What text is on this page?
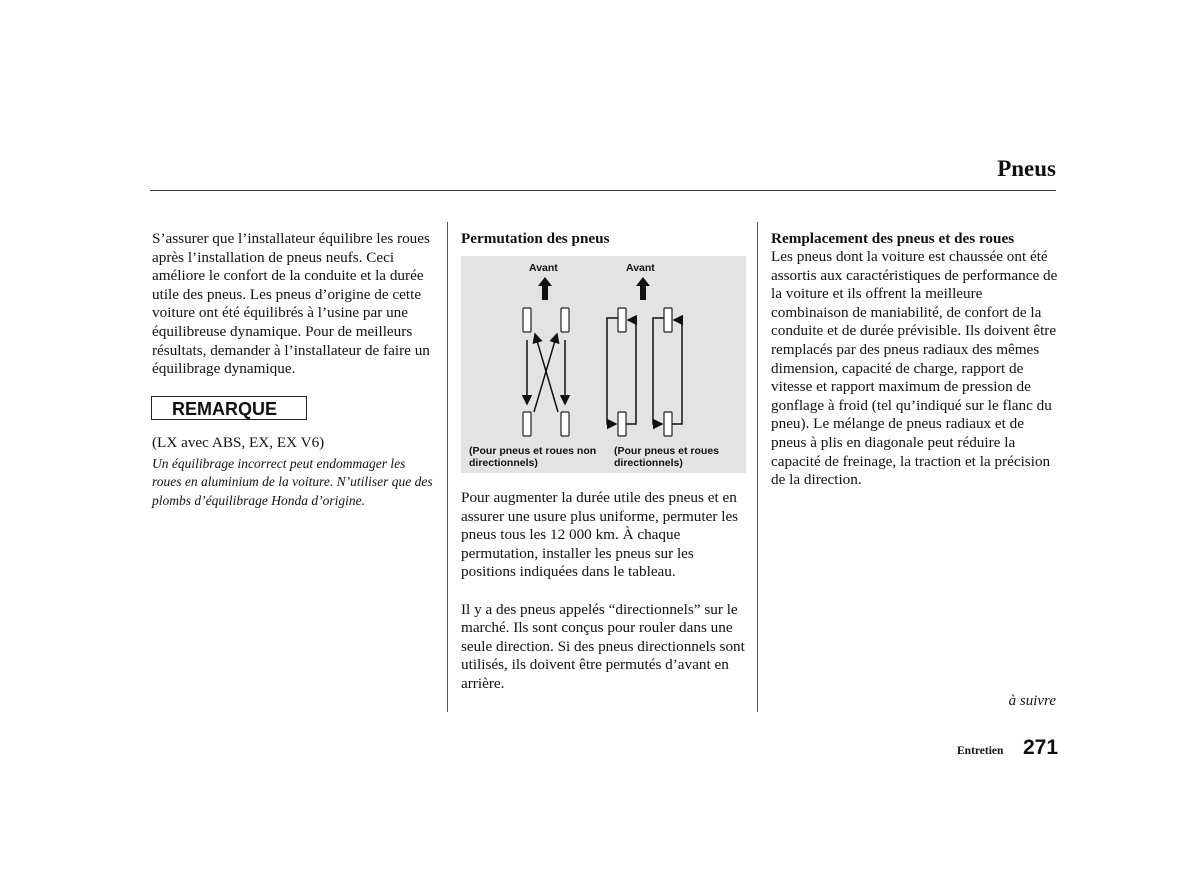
Pneus

S’assurer que l’installateur équilibre les roues après l’installation de pneus neufs. Ceci améliore le confort de la conduite et la durée utile des pneus. Les pneus d’origine de cette voiture ont été équilibrés à l’usine par une équilibreuse dynamique. Pour de meilleurs résultats, demander à l’installateur de faire un équilibrage dynamique.

REMARQUE
(LX avec ABS, EX, EX V6)
Un équilibrage incorrect peut endommager les roues en aluminium de la voiture. N’utiliser que des plombs d’équilibrage Honda d’origine.
Permutation des pneus
Avant	Avant
(Pour pneus et roues non directionnels)
(Pour pneus et roues directionnels)

Pour augmenter la durée utile des pneus et en assurer une usure plus uniforme, permuter les pneus tous les 12 000 km. À chaque permutation, installer les pneus sur les positions indiquées dans le tableau.

Il y a des pneus appelés “directionnels” sur le marché. Ils sont conçus pour rouler dans une seule direction. Si des pneus directionnels sont utilisés, ils doivent être permutés d’avant en arrière.

Remplacement des pneus et des roues

Les pneus dont la voiture est chaussée ont été assortis aux caractéristiques de performance de la voiture et ils offrent la meilleure combinaison de maniabilité, de confort de la conduite et de durée prévisible. Ils doivent être remplacés par des pneus radiaux des mêmes dimension, capacité de charge, rapport de vitesse et rapport maximum de pression de gonflage à froid (tel qu’indiqué sur le flanc du pneu). Le mélange de pneus radiaux et de pneus à plis en diagonale peut réduire la capacité de freinage, la traction et la précision de la direction.

à suivre
Entretien 271
